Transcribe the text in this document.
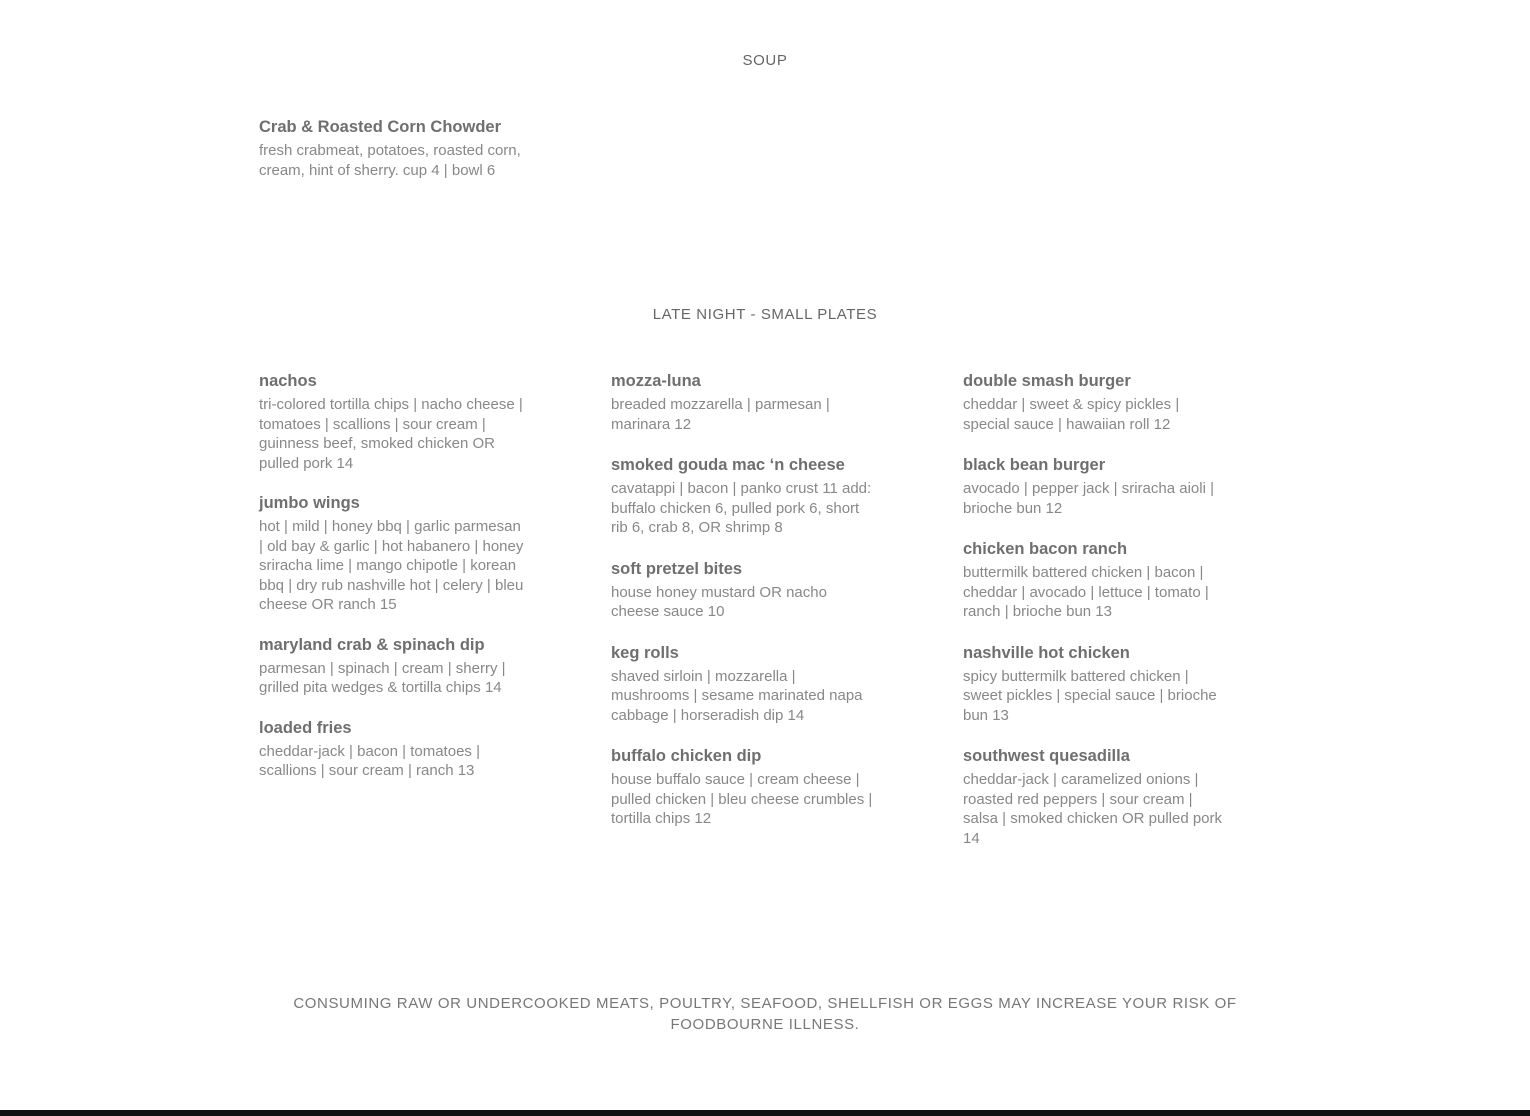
SOUP
Crab & Roasted Corn Chowder
fresh crabmeat, potatoes, roasted corn, cream, hint of sherry. cup 4 | bowl 6
LATE NIGHT - SMALL PLATES
nachos
tri-colored tortilla chips | nacho cheese | tomatoes | scallions | sour cream | guinness beef, smoked chicken OR pulled pork 14
jumbo wings
hot | mild | honey bbq | garlic parmesan | old bay & garlic | hot habanero | honey sriracha lime | mango chipotle | korean bbq | dry rub nashville hot | celery | bleu cheese OR ranch 15
maryland crab & spinach dip
parmesan | spinach | cream | sherry | grilled pita wedges & tortilla chips 14
loaded fries
cheddar-jack | bacon | tomatoes | scallions | sour cream | ranch 13
mozza-luna
breaded mozzarella | parmesan | marinara 12
smoked gouda mac ‘n cheese
cavatappi | bacon | panko crust 11 add: buffalo chicken 6, pulled pork 6, short rib 6, crab 8, OR shrimp 8
soft pretzel bites
house honey mustard OR nacho cheese sauce 10
keg rolls
shaved sirloin | mozzarella | mushrooms | sesame marinated napa cabbage | horseradish dip 14
buffalo chicken dip
house buffalo sauce | cream cheese | pulled chicken | bleu cheese crumbles | tortilla chips 12
double smash burger
cheddar | sweet & spicy pickles | special sauce | hawaiian roll 12
black bean burger
avocado | pepper jack | sriracha aioli | brioche bun 12
chicken bacon ranch
buttermilk battered chicken | bacon | cheddar | avocado | lettuce | tomato | ranch | brioche bun 13
nashville hot chicken
spicy buttermilk battered chicken | sweet pickles | special sauce | brioche bun 13
southwest quesadilla
cheddar-jack | caramelized onions | roasted red peppers | sour cream | salsa | smoked chicken OR pulled pork 14
CONSUMING RAW OR UNDERCOOKED MEATS, POULTRY, SEAFOOD, SHELLFISH OR EGGS MAY INCREASE YOUR RISK OF FOODBOURNE ILLNESS.
